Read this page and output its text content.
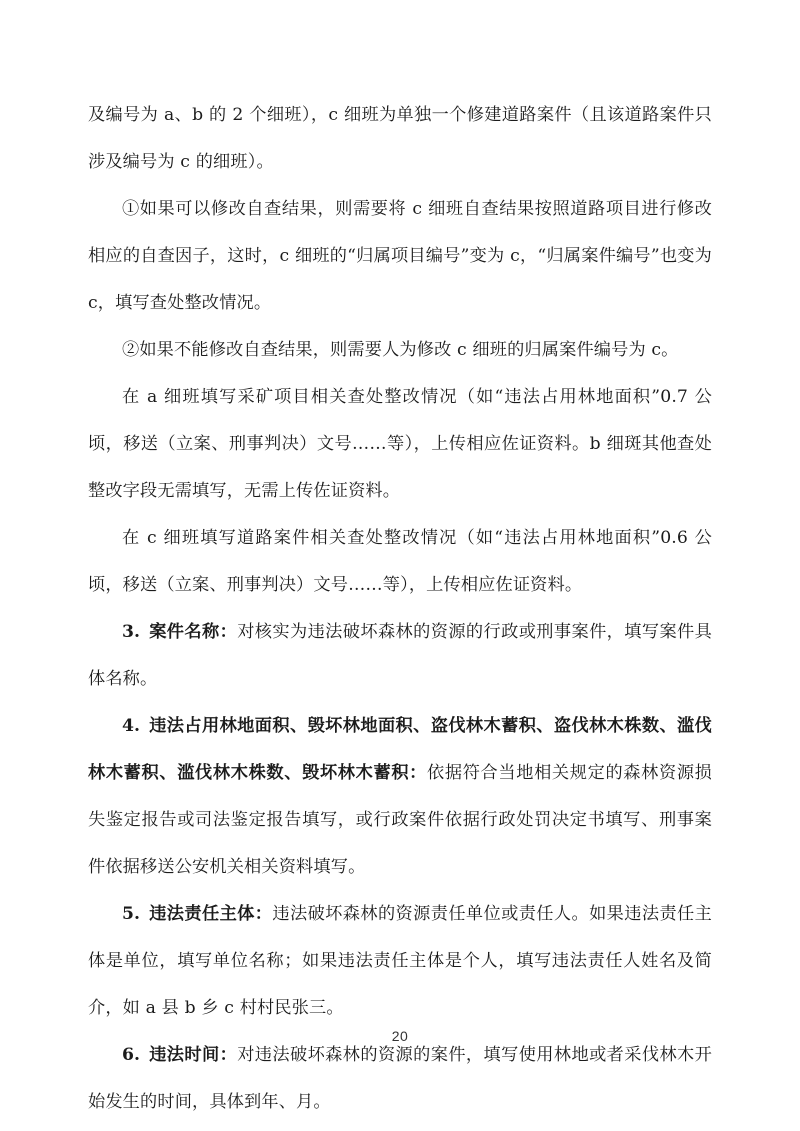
及编号为 a、b 的 2 个细班），c 细班为单独一个修建道路案件（且该道路案件只涉及编号为 c 的细班）。

①如果可以修改自查结果，则需要将 c 细班自查结果按照道路项目进行修改相应的自查因子，这时，c 细班的“归属项目编号”变为 c，“归属案件编号”也变为 c，填写查处整改情况。

②如果不能修改自查结果，则需要人为修改 c 细班的归属案件编号为 c。

在 a 细班填写采矿项目相关查处整改情况（如“违法占用林地面积”0.7 公顷，移送（立案、刑事判决）文号……等），上传相应佐证资料。b 细斑其他查处整改字段无需填写，无需上传佐证资料。

在 c 细班填写道路案件相关查处整改情况（如“违法占用林地面积”0.6 公顷，移送（立案、刑事判决）文号……等），上传相应佐证资料。

3. 案件名称：对核实为违法破坏森林的资源的行政或刑事案件，填写案件具体名称。

4. 违法占用林地面积、毁坏林地面积、盗伐林木蓄积、盗伐林木株数、滥伐林木蓄积、滥伐林木株数、毁坏林木蓄积：依据符合当地相关规定的森林资源损失鉴定报告或司法鉴定报告填写，或行政案件依据行政处罚决定书填写、刑事案件依据移送公安机关相关资料填写。

5. 违法责任主体：违法破坏森林的资源责任单位或责任人。如果违法责任主体是单位，填写单位名称；如果违法责任主体是个人，填写违法责任人姓名及简介，如 a 县 b 乡 c 村村民张三。

6. 违法时间：对违法破坏森林的资源的案件，填写使用林地或者采伐林木开始发生的时间，具体到年、月。

20
